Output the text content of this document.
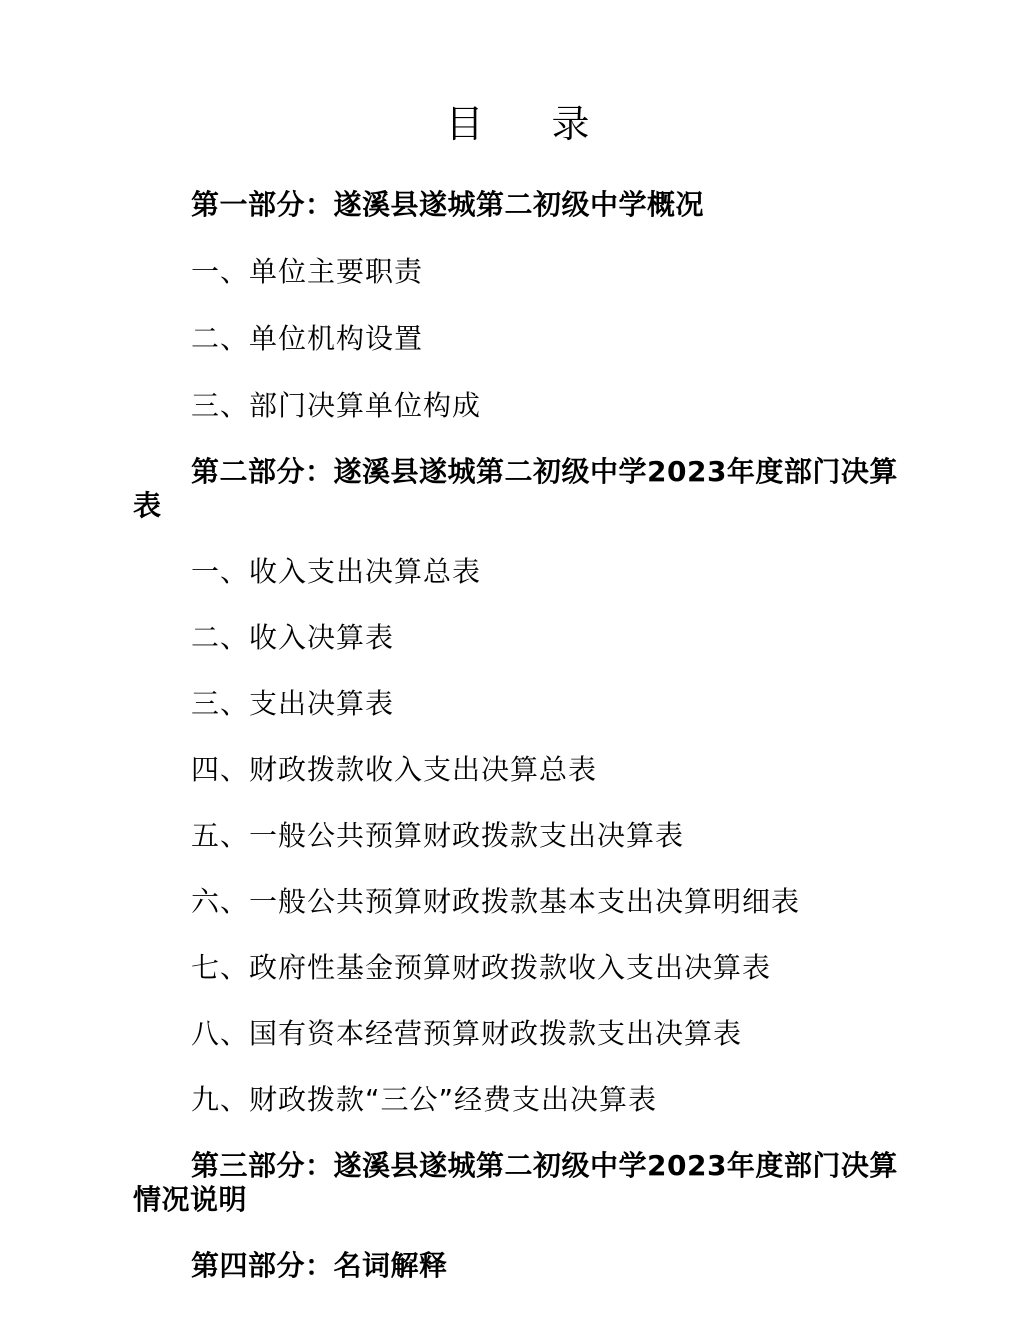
目 录
第一部分：遂溪县遂城第二初级中学概况
一、单位主要职责
二、单位机构设置
三、部门决算单位构成
第二部分：遂溪县遂城第二初级中学2023年度部门决算表
一、收入支出决算总表
二、收入决算表
三、支出决算表
四、财政拨款收入支出决算总表
五、一般公共预算财政拨款支出决算表
六、一般公共预算财政拨款基本支出决算明细表
七、政府性基金预算财政拨款收入支出决算表
八、国有资本经营预算财政拨款支出决算表
九、财政拨款“三公”经费支出决算表
第三部分：遂溪县遂城第二初级中学2023年度部门决算情况说明
第四部分：名词解释
